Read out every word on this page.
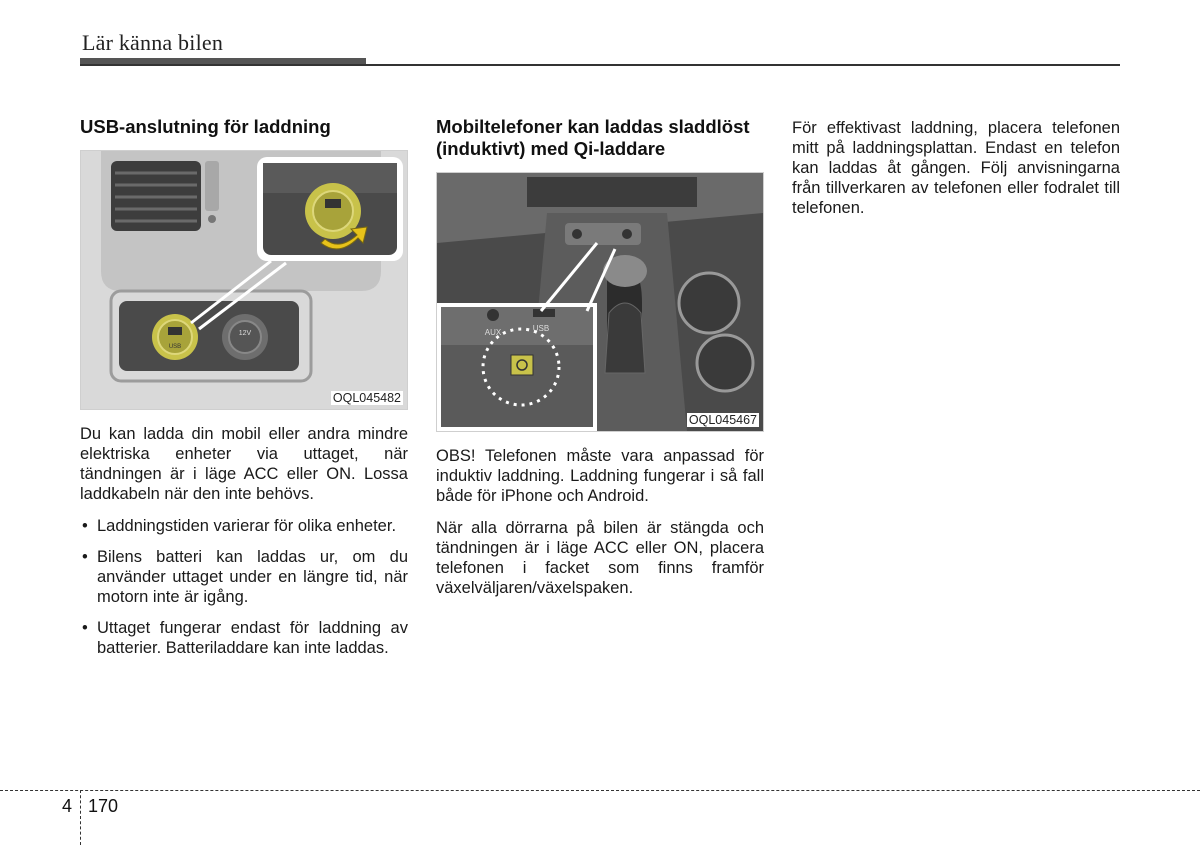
Lär känna bilen
USB-anslutning för laddning
USB
12V
OQL045482

Du kan ladda din mobil eller andra mindre elektriska enheter via uttaget, när tändningen är i läge ACC eller ON. Lossa laddkabeln när den inte behövs.

• Laddningstiden varierar för olika enheter.
• Bilens batteri kan laddas ur, om du använder uttaget under en längre tid, när motorn inte är igång.
• Uttaget fungerar endast för laddning av batterier. Batteriladdare kan inte laddas.
Mobiltelefoner kan laddas sladdlöst (induktivt) med Qi-laddare
AUX	USB
OQL045467

OBS! Telefonen måste vara anpassad för induktiv laddning. Laddning fungerar i så fall både för iPhone och Android.

När alla dörrarna på bilen är stängda och tändningen är i läge ACC eller ON, placera telefonen i facket som finns framför växelväljaren/växelspaken.

För effektivast laddning, placera telefonen mitt på laddningsplattan. Endast en telefon kan laddas åt gången. Följ anvisningarna från tillverkaren av telefonen eller fodralet till telefonen.

4 170
